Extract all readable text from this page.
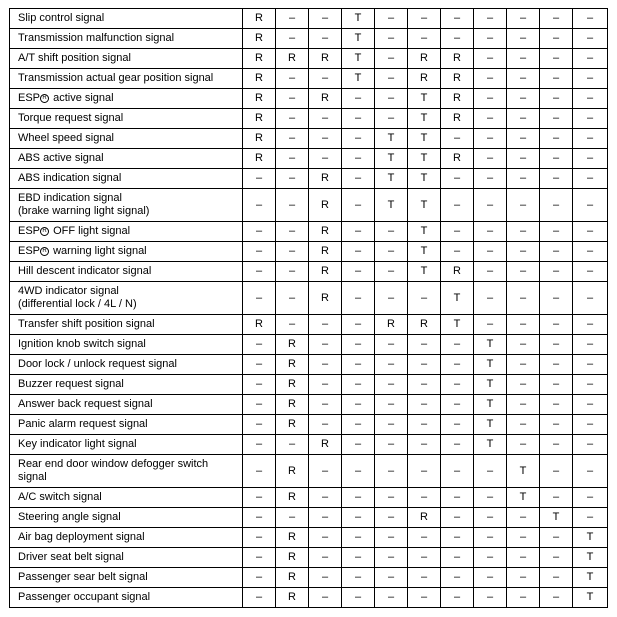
Slip control signal	R	–	–	T	–	–	–	–	–	–	–

Transmission malfunction signal	R	–	–	T	–	–	–	–	–	–	–

A/T shift position signal	R	R	R	T	–	R	R	–	–	–	–

Transmission actual gear position signal	R	–	–	T	–	R	R	–	–	–	–

ESP R active signal	R	–	R	–	–	T	R	–	–	–	–

Torque request signal	R	–	–	–	–	T	R	–	–	–	–

Wheel speed signal	R	–	–	–	T	T	–	–	–	–	–

ABS active signal	R	–	–	–	T	T	R	–	–	–	–

ABS indication signal	–	–	R	–	T	T	–	–	–	–	–

EBD indication signal
(brake warning light signal)	–	–	R	–	T	T	–	–	–	–	–

ESP R OFF light signal	–	–	R	–	–	T	–	–	–	–	–

ESP R warning light signal	–	–	R	–	–	T	–	–	–	–	–

Hill descent indicator signal	–	–	R	–	–	T	R	–	–	–	–

4WD indicator signal
(differential lock / 4L / N)	–	–	R	–	–	–	T	–	–	–	–

Transfer shift position signal	R	–	–	–	R	R	T	–	–	–	–

Ignition knob switch signal	–	R	–	–	–	–	–	T	–	–	–

Door lock / unlock request signal	–	R	–	–	–	–	–	T	–	–	–

Buzzer request signal	–	R	–	–	–	–	–	T	–	–	–

Answer back request signal	–	R	–	–	–	–	–	T	–	–	–

Panic alarm request signal	–	R	–	–	–	–	–	T	–	–	–

Key indicator light signal	–	–	R	–	–	–	–	T	–	–	–

Rear end door window defogger switch
signal	–	R	–	–	–	–	–	–	T	–	–

A/C switch signal	–	R	–	–	–	–	–	–	T	–	–

Steering angle signal	–	–	–	–	–	R	–	–	–	T	–

Air bag deployment signal	–	R	–	–	–	–	–	–	–	–	T

Driver seat belt signal	–	R	–	–	–	–	–	–	–	–	T

Passenger sear belt signal	–	R	–	–	–	–	–	–	–	–	T

Passenger occupant signal	–	R	–	–	–	–	–	–	–	–	T
